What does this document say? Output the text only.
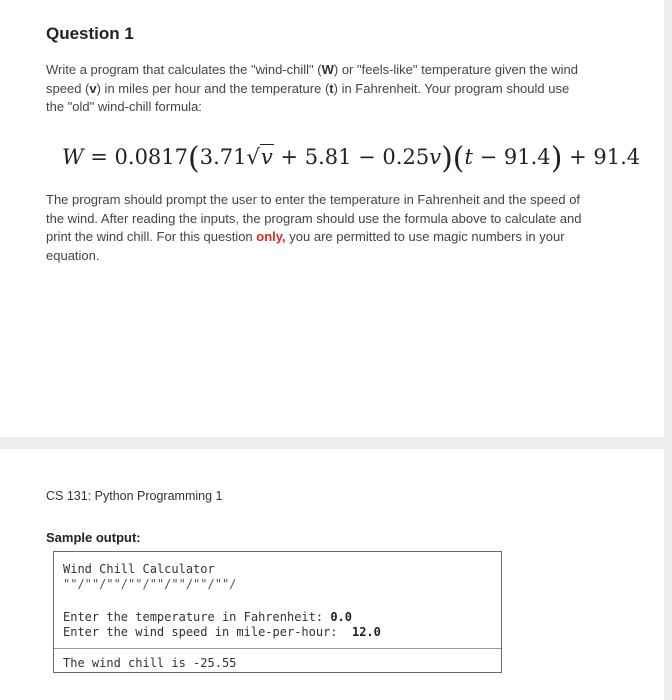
Question 1
Write a program that calculates the "wind-chill" (W) or "feels-like" temperature given the wind speed (v) in miles per hour and the temperature (t) in Fahrenheit. Your program should use the "old" wind-chill formula:
W = 0.0817(3.71√v + 5.81 − 0.25v)(t − 91.4) + 91.4
The program should prompt the user to enter the temperature in Fahrenheit and the speed of the wind. After reading the inputs, the program should use the formula above to calculate and print the wind chill. For this question only, you are permitted to use magic numbers in your equation.
CS 131: Python Programming 1
Sample output:
Wind Chill Calculator
""/""/""/""/""/""/""/""/
Enter the temperature in Fahrenheit: 0.0
Enter the wind speed in mile-per-hour:  12.0
The wind chill is -25.55
